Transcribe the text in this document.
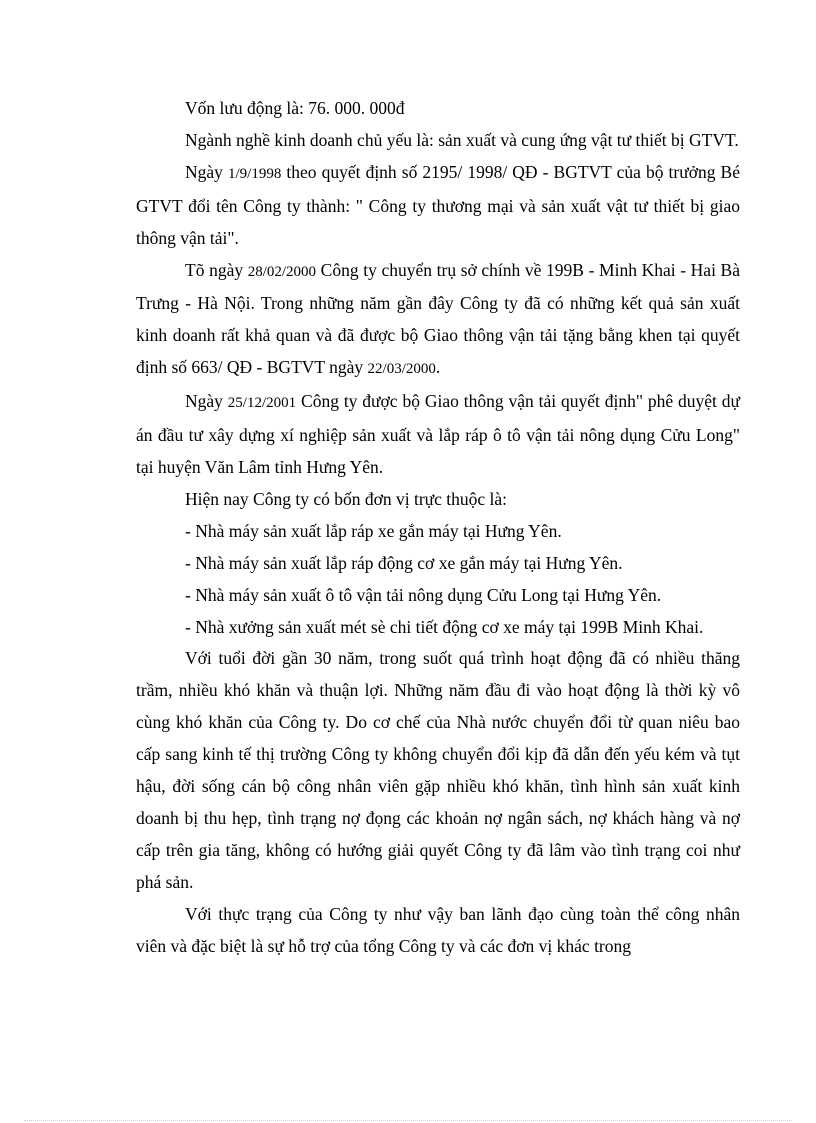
Vốn lưu động là: 76. 000. 000đ

Ngành nghề kinh doanh chủ yếu là: sản xuất và cung ứng vật tư thiết bị GTVT.

Ngày 1/9/1998 theo quyết định số 2195/ 1998/ QĐ - BGTVT của bộ trưởng Bé GTVT đổi tên Công ty thành: " Công ty thương mại và sản xuất vật tư thiết bị giao thông vận tải".

Tõ ngày 28/02/2000 Công ty chuyển trụ sở chính về 199B - Minh Khai - Hai Bà Trưng - Hà Nội. Trong những năm gần đây Công ty đã có những kết quả sản xuất kinh doanh rất khả quan và đã được bộ Giao thông vận tải tặng bằng khen tại quyết định số 663/ QĐ - BGTVT ngày 22/03/2000.

Ngày 25/12/2001 Công ty được bộ Giao thông vận tải quyết định" phê duyệt dự án đầu tư xây dựng xí nghiệp sản xuất và lắp ráp ô tô vận tải nông dụng Cửu Long" tại huyện Văn Lâm tỉnh Hưng Yên.

Hiện nay Công ty có bốn đơn vị trực thuộc là:

- Nhà máy sản xuất lắp ráp xe gắn máy tại Hưng Yên.

- Nhà máy sản xuất lắp ráp động cơ xe gắn máy tại Hưng Yên.

- Nhà máy sản xuất ô tô vận tải nông dụng Cửu Long tại Hưng Yên.

- Nhà xưởng sản xuất mét sè chi tiết động cơ xe máy tại 199B Minh Khai.

Với tuổi đời gần 30 năm, trong suốt quá trình hoạt động đã có nhiều thăng trầm, nhiều khó khăn và thuận lợi. Những năm đầu đi vào hoạt động là thời kỳ vô cùng khó khăn của Công ty. Do cơ chế của Nhà nước chuyển đổi từ quan niêu bao cấp sang kinh tế thị trường Công ty không chuyển đổi kịp đã dẫn đến yếu kém và tụt hậu, đời sống cán bộ công nhân viên gặp nhiều khó khăn, tình hình sản xuất kinh doanh bị thu hẹp, tình trạng nợ đọng các khoản nợ ngân sách, nợ khách hàng và nợ cấp trên gia tăng, không có hướng giải quyết Công ty đã lâm vào tình trạng coi như phá sản.

Với thực trạng của Công ty như vậy ban lãnh đạo cùng toàn thể công nhân viên và đặc biệt là sự hỗ trợ của tổng Công ty và các đơn vị khác trong
